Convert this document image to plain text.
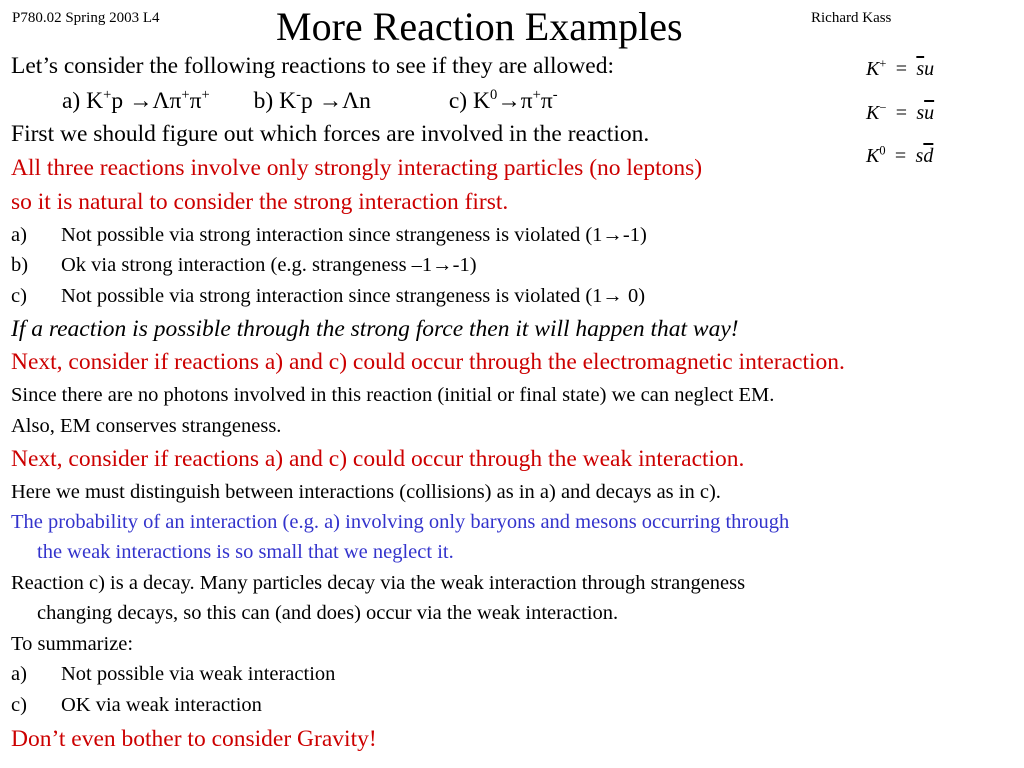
P780.02 Spring 2003 L4	More Reaction Examples	Richard Kass
$K^+ = \overline{s}u$
$K^- = s\overline{u}$
$K^0 = s\overline{d}$
Let’s consider the following reactions to see if they are allowed:
a) K+p →Λπ+π+ b) K-p →Λn	c) $K^0\to\pi^+\pi^-$
First we should figure out which forces are involved in the reaction.
All three reactions involve only strongly interacting particles (no leptons)
so it is natural to consider the strong interaction first.
a) Not possible via strong interaction since strangeness is violated (1→-1)
b) Ok via strong interaction (e.g. strangeness –1→-1)
c) Not possible via strong interaction since strangeness is violated (1→ 0)
If a reaction is possible through the strong force then it will happen that way!
Next, consider if reactions a) and c) could occur through the electromagnetic interaction.
Since there are no photons involved in this reaction (initial or final state) we can neglect EM.
Also, EM conserves strangeness.
Next, consider if reactions a) and c) could occur through the weak interaction.
Here we must distinguish between interactions (collisions) as in a) and decays as in c).
The probability of an interaction (e.g. a) involving only baryons and mesons occurring through
the weak interactions is so small that we neglect it.
Reaction c) is a decay. Many particles decay via the weak interaction through strangeness
changing decays, so this can (and does) occur via the weak interaction.
To summarize:
a) Not possible via weak interaction
c) OK via weak interaction
Don’t even bother to consider Gravity!
